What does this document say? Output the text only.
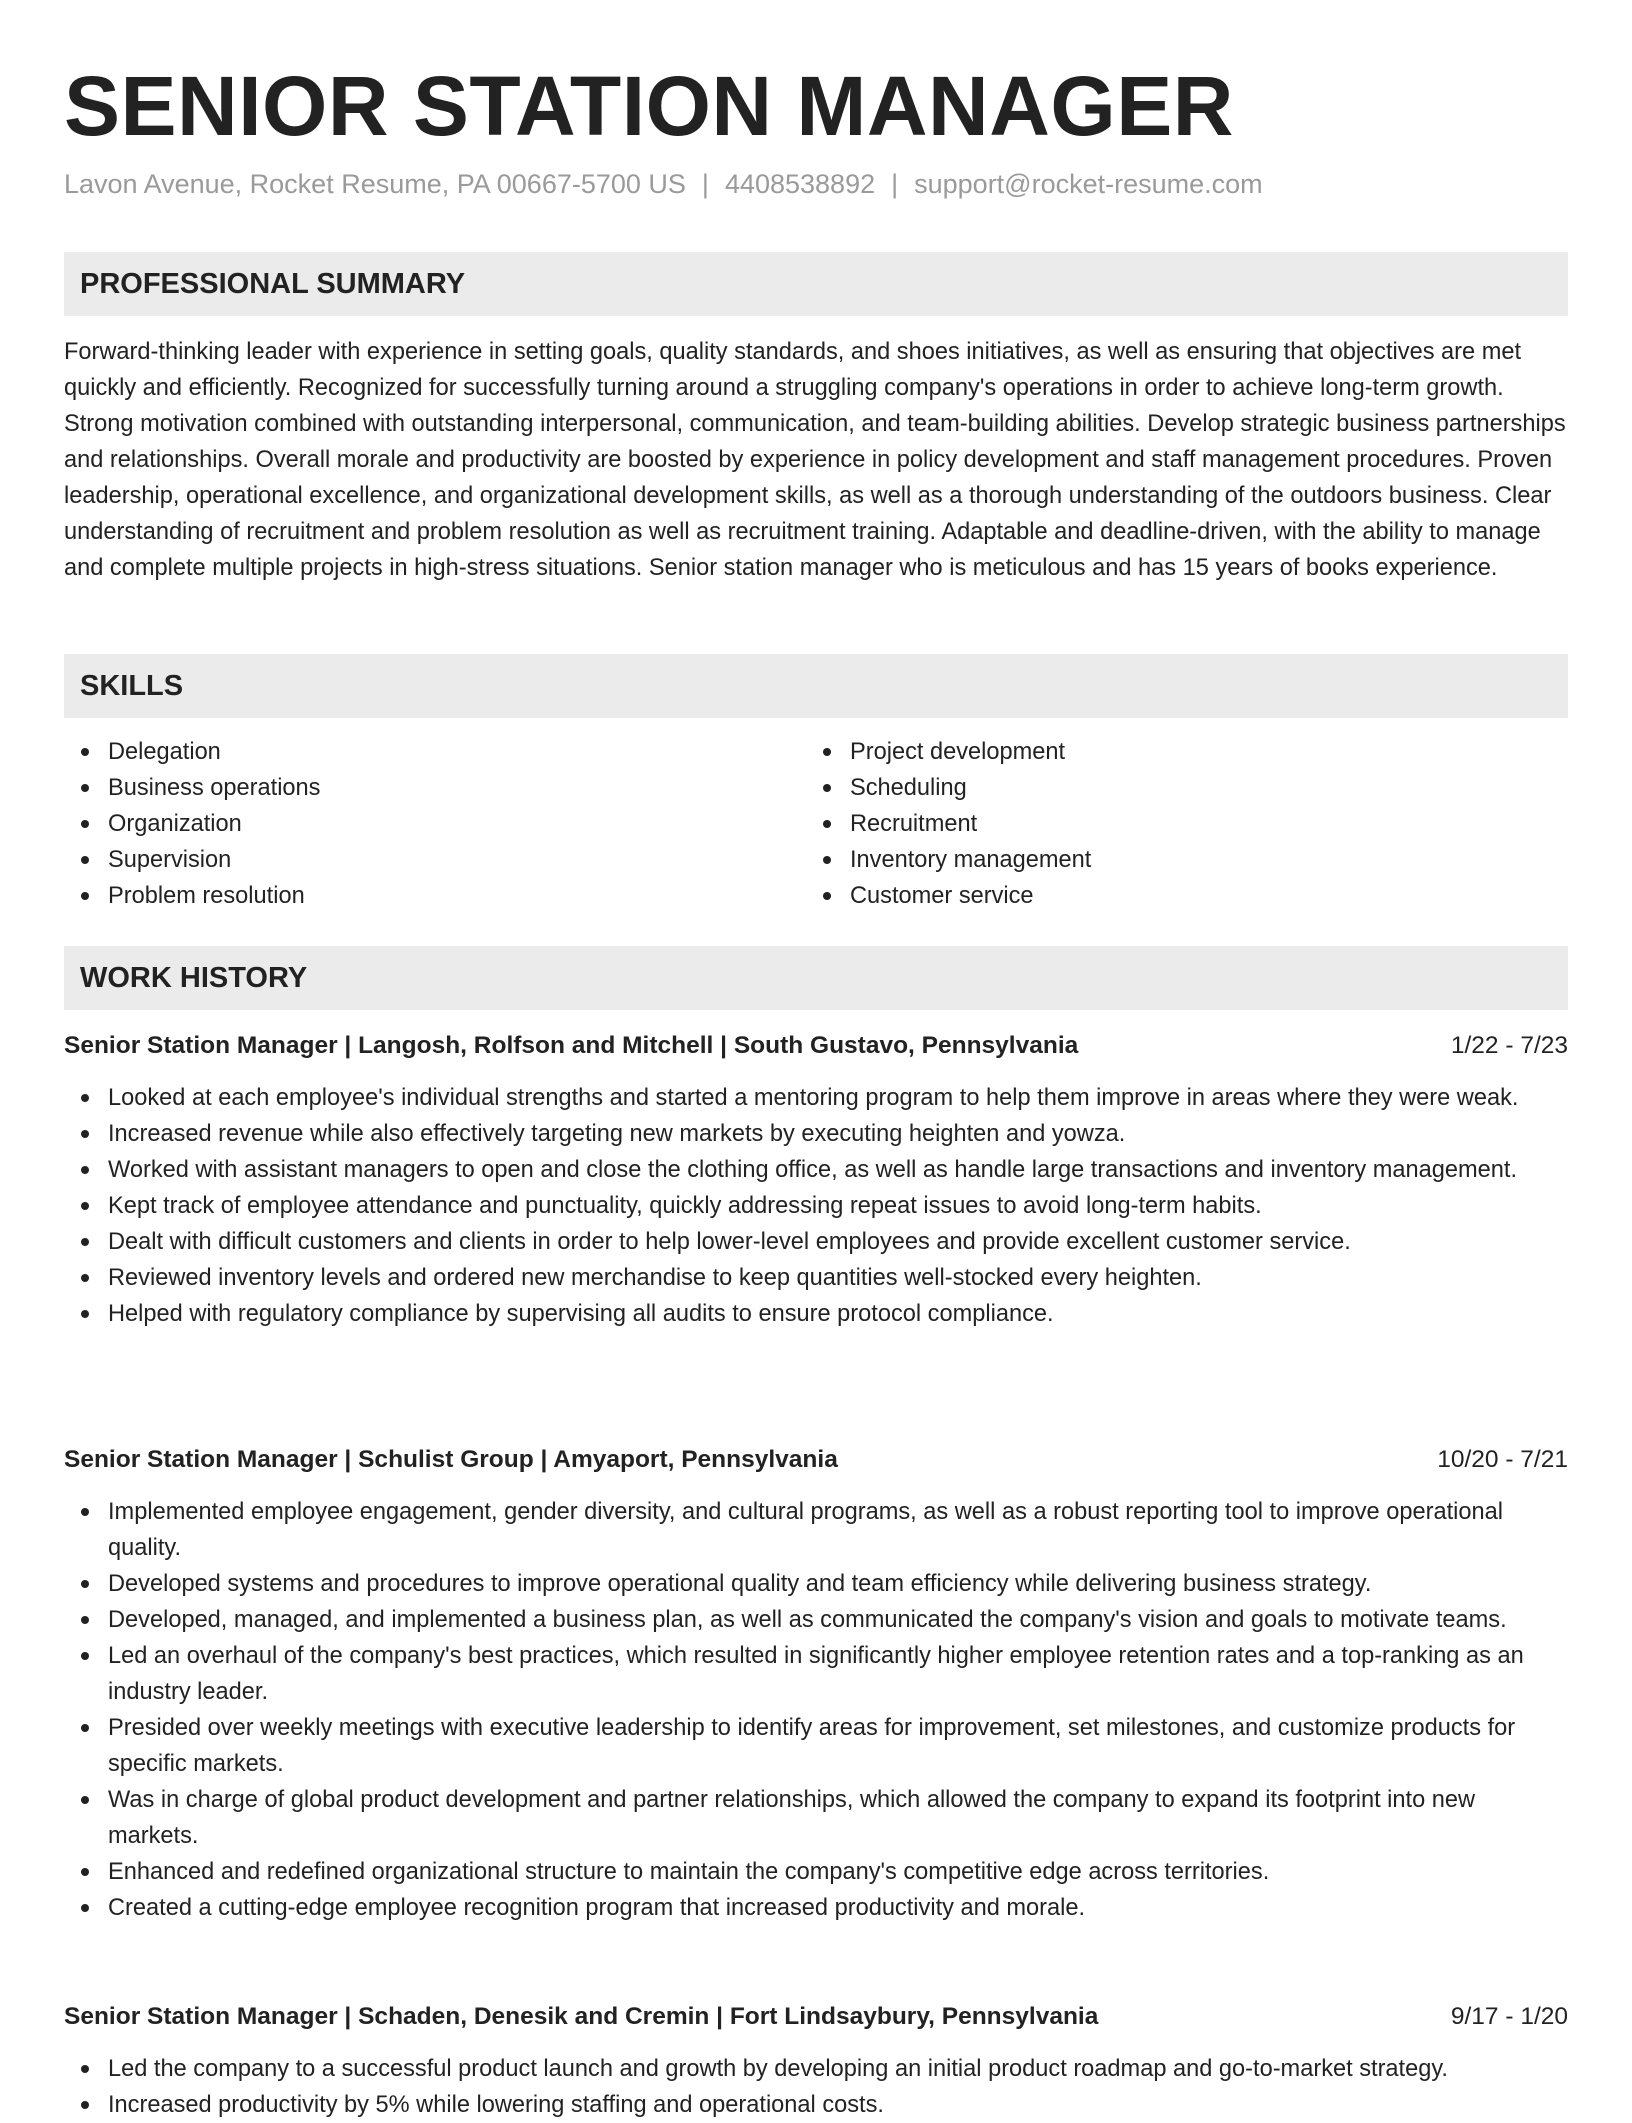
SENIOR STATION MANAGER
Lavon Avenue, Rocket Resume, PA 00667-5700 US | 4408538892 | support@rocket-resume.com
PROFESSIONAL SUMMARY

Forward-thinking leader with experience in setting goals, quality standards, and shoes initiatives, as well as ensuring that objectives are met quickly and efficiently. Recognized for successfully turning around a struggling company's operations in order to achieve long-term growth. Strong motivation combined with outstanding interpersonal, communication, and team-building abilities. Develop strategic business partnerships and relationships. Overall morale and productivity are boosted by experience in policy development and staff management procedures. Proven leadership, operational excellence, and organizational development skills, as well as a thorough understanding of the outdoors business. Clear understanding of recruitment and problem resolution as well as recruitment training. Adaptable and deadline-driven, with the ability to manage and complete multiple projects in high-stress situations. Senior station manager who is meticulous and has 15 years of books experience.

SKILLS
Delegation
Business operations
Organization
Supervision
Problem resolution
Project development
Scheduling
Recruitment
Inventory management
Customer service
WORK HISTORY
Senior Station Manager | Langosh, Rolfson and Mitchell | South Gustavo, Pennsylvania	1/22 - 7/23
Looked at each employee's individual strengths and started a mentoring program to help them improve in areas where they were weak.
Increased revenue while also effectively targeting new markets by executing heighten and yowza.
Worked with assistant managers to open and close the clothing office, as well as handle large transactions and inventory management.
Kept track of employee attendance and punctuality, quickly addressing repeat issues to avoid long-term habits.
Dealt with difficult customers and clients in order to help lower-level employees and provide excellent customer service.
Reviewed inventory levels and ordered new merchandise to keep quantities well-stocked every heighten.
Helped with regulatory compliance by supervising all audits to ensure protocol compliance.
Senior Station Manager | Schulist Group | Amyaport, Pennsylvania	10/20 - 7/21
Implemented employee engagement, gender diversity, and cultural programs, as well as a robust reporting tool to improve operational quality.
Developed systems and procedures to improve operational quality and team efficiency while delivering business strategy.
Developed, managed, and implemented a business plan, as well as communicated the company's vision and goals to motivate teams.
Led an overhaul of the company's best practices, which resulted in significantly higher employee retention rates and a top-ranking as an industry leader.
Presided over weekly meetings with executive leadership to identify areas for improvement, set milestones, and customize products for specific markets.
Was in charge of global product development and partner relationships, which allowed the company to expand its footprint into new markets.
Enhanced and redefined organizational structure to maintain the company's competitive edge across territories.
Created a cutting-edge employee recognition program that increased productivity and morale.
Senior Station Manager | Schaden, Denesik and Cremin | Fort Lindsaybury, Pennsylvania	9/17 - 1/20
Led the company to a successful product launch and growth by developing an initial product roadmap and go-to-market strategy.
Increased productivity by 5% while lowering staffing and operational costs.
